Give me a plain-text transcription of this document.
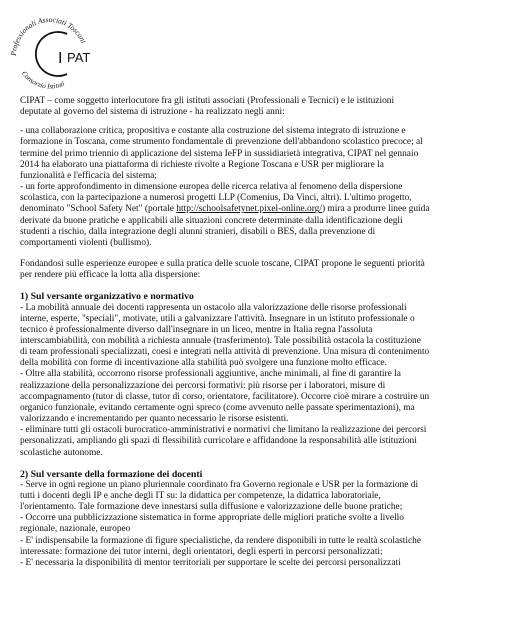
Professionali Associati Toscani
Consorzio Istituti
I PAT

CIPAT – come soggetto interlocutore fra gli istituti associati (Professionali e Tecnici) e le istituzioni

deputate al governo del sistema di istruzione - ha realizzato negli anni:

- una collaborazione critica, propositiva e costante alla costruzione del sistema integrato di istruzione e

formazione in Toscana, come strumento fondamentale di prevenzione dell'abbandono scolastico precoce; al

termine del primo triennio di applicazione del sistema IeFP in sussidiarietà integrativa, CIPAT nel gennaio

2014 ha elaborato una piattaforma di richieste rivolte a Regione Toscana e USR per migliorare la

funzionalità e l'efficacia del sistema;

- un forte approfondimento in dimensione europea delle ricerca relativa al fenomeno della dispersione

scolastica, con la partecipazione a numerosi progetti LLP (Comenius, Da Vinci, altri). L'ultimo progetto,

denominato "School Safety Net" (portale http://schoolsafetynet.pixel-online.org/) mira a produrre linee guida

derivate da buone pratiche e applicabili alle situazioni concrete determinate dalla identificazione degli

studenti a rischio, dalla integrazione degli alunni stranieri, disabili o BES, dalla prevenzione di

comportamenti violenti (bullismo).

Fondandosi sulle esperienze europee e sulla pratica delle scuole toscane, CIPAT propone le seguenti priorità

per rendere più efficace la lotta alla dispersione:

1) Sul versante organizzativo e normativo

- La mobilità annuale dei docenti rappresenta un ostacolo alla valorizzazione delle risorse professionali

interne, esperte, "speciali", motivate, utili a galvanizzare l'attività. Insegnare in un istituto professionale o

tecnico è professionalmente diverso dall'insegnare in un liceo, mentre in Italia regna l'assoluta

interscambiabilità, con mobilità a richiesta annuale (trasferimento). Tale possibilità ostacola la costituzione

di team professionali specializzati, coesi e integrati nella attività di prevenzione. Una misura di contenimento

della mobilità con forme di incentivazione alla stabilità può svolgere una funzione molto efficace.

- Oltre alla stabilità, occorrono risorse professionali aggiuntive, anche minimali, al fine di garantire la

realizzazione della personalizzazione dei percorsi formativi: più risorse per i laboratori, misure di

accompagnamento (tutor di classe, tutor di corso, orientatore, facilitatore). Occorre cioè mirare a costruire un

organico funzionale, evitando certamente ogni spreco (come avvenuto nelle passate sperimentazioni), ma

valorizzando e incrementando per quanto necessario le risorse esistenti.

- eliminare tutti gli ostacoli burocratico-amministrativi e normativi che limitano la realizzazione dei percorsi

personalizzati, ampliando gli spazi di flessibilità curricolare e affidandone la responsabilità alle istituzioni

scolastiche autonome.

2) Sul versante della formazione dei docenti

- Serve in ogni regione un piano pluriennale coordinato fra Governo regionale e USR per la formazione di

tutti i docenti degli IP e anche degli IT su: la didattica per competenze, la didattica laboratoriale,

l'orientamento. Tale formazione deve innestarsi sulla diffusione e valorizzazione delle buone pratiche;

- Occorre una pubblicizzazione sistematica in forme appropriate delle migliori pratiche svolte a livello

regionale, nazionale, europeo

- E' indispensabile la formazione di figure specialistiche, da rendere disponibili in tutte le realtà scolastiche

interessate: formazione dei tutor interni, degli orientatori, degli esperti in percorsi personalizzati;

- E' necessaria la disponibilità di mentor territoriali per supportare le scelte dei percorsi personalizzati
